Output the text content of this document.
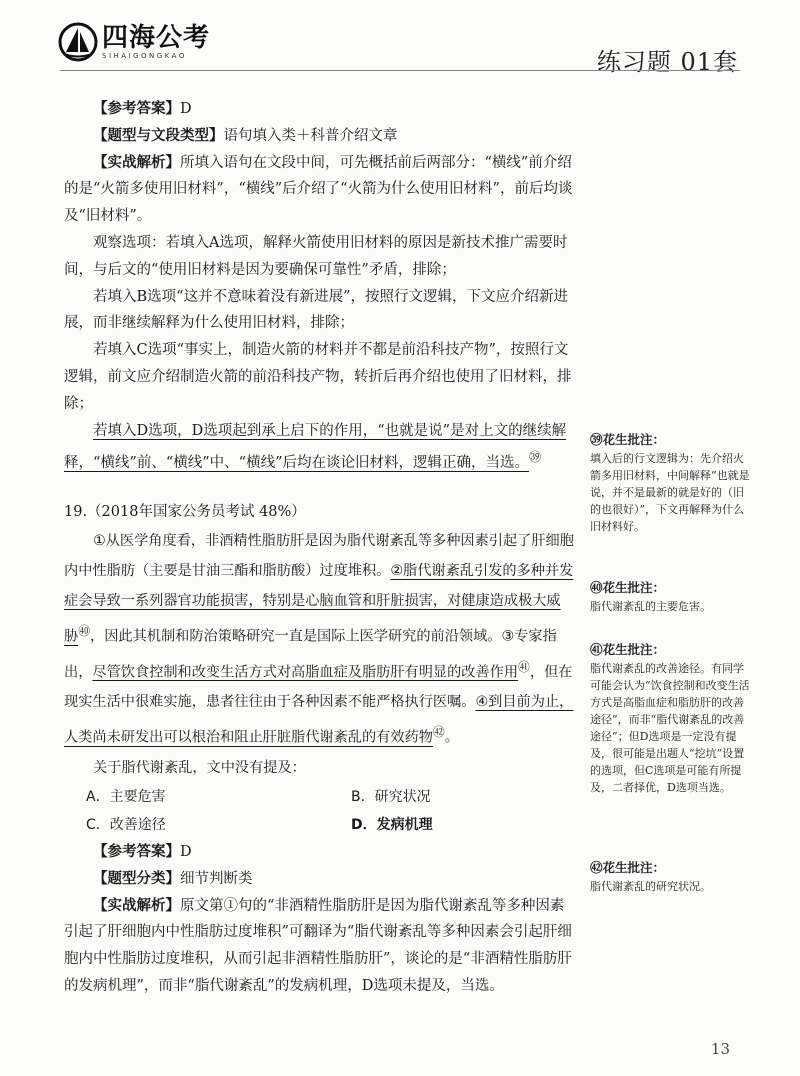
四海公考
SIHAIGONGKAO	练习题 01套

【参考答案】D

【题型与文段类型】语句填入类＋科普介绍文章

【实战解析】所填入语句在文段中间，可先概括前后两部分：“横线”前介绍的是“火箭多使用旧材料”，“横线”后介绍了“火箭为什么使用旧材料”，前后均谈及“旧材料”。

观察选项：若填入A选项，解释火箭使用旧材料的原因是新技术推广需要时间，与后文的“使用旧材料是因为要确保可靠性”矛盾，排除；

若填入B选项“这并不意味着没有新进展”，按照行文逻辑，下文应介绍新进展，而非继续解释为什么使用旧材料，排除；

若填入C选项“事实上，制造火箭的材料并不都是前沿科技产物”，按照行文逻辑，前文应介绍制造火箭的前沿科技产物，转折后再介绍也使用了旧材料，排除；

若填入D选项，D选项起到承上启下的作用，“也就是说”是对上文的继续解释，“横线”前、“横线”中、“横线”后均在谈论旧材料，逻辑正确，当选。$^㊴$

19.（2018年国家公务员考试 48%）

①从医学角度看，非酒精性脂肪肝是因为脂代谢紊乱等多种因素引起了肝细胞内中性脂肪（主要是甘油三酯和脂肪酸）过度堆积。②脂代谢紊乱引发的多种并发症会导致一系列器官功能损害，特别是心脑血管和肝脏损害，对健康造成极大威胁$^㊵$，因此其机制和防治策略研究一直是国际上医学研究的前沿领域。③专家指出，尽管饮食控制和改变生活方式对高脂血症及脂肪肝有明显的改善作用$^㊶$，但在现实生活中很难实施，患者往往由于各种因素不能严格执行医嘱。④到目前为止，人类尚未研发出可以根治和阻止肝脏脂代谢紊乱的有效药物$^㊷$。

关于脂代谢紊乱，文中没有提及：

A．主要危害	B．研究状况
C．改善途径	D．发病机理

【参考答案】D

【题型分类】细节判断类

【实战解析】原文第①句的“非酒精性脂肪肝是因为脂代谢紊乱等多种因素引起了肝细胞内中性脂肪过度堆积”可翻译为“脂代谢紊乱等多种因素会引起肝细胞内中性脂肪过度堆积，从而引起非酒精性脂肪肝”，谈论的是“非酒精性脂肪肝的发病机理”，而非“脂代谢紊乱”的发病机理，D选项未提及，当选。

㊴花生批注：
填入后的行文逻辑为：先介绍火箭多用旧材料，中间解释“也就是说，并不是最新的就是好的（旧的也很好）”，下文再解释为什么旧材料好。
㊵花生批注：
脂代谢紊乱的主要危害。
㊶花生批注：
脂代谢紊乱的改善途径。有同学可能会认为“饮食控制和改变生活方式是高脂血症和脂肪肝的改善途径”，而非“脂代谢紊乱的改善途径”；但D选项是一定没有提及，很可能是出题人“挖坑”设置的选项，但C选项是可能有所提及，二者择优，D选项当选。
㊷花生批注：
脂代谢紊乱的研究状况。
13
